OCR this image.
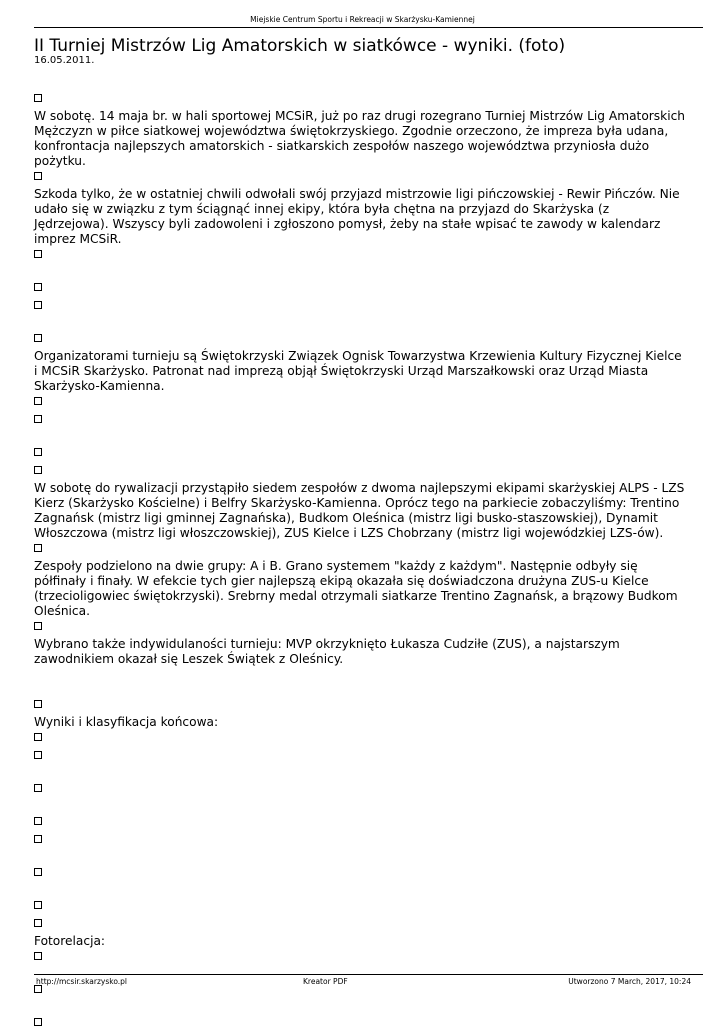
Miejskie Centrum Sportu i Rekreacji w Skarżysku-Kamiennej
II Turniej Mistrzów Lig Amatorskich w siatkówce - wyniki. (foto)
16.05.2011.

W sobotę. 14 maja br. w hali sportowej MCSiR, już po raz drugi rozegrano Turniej Mistrzów Lig Amatorskich Mężczyzn w piłce siatkowej województwa świętokrzyskiego. Zgodnie orzeczono, że impreza była udana, konfrontacja najlepszych amatorskich - siatkarskich zespołów naszego województwa przyniosła dużo pożytku.

Szkoda tylko, że w ostatniej chwili odwołali swój przyjazd mistrzowie ligi pińczowskiej - Rewir Pińczów. Nie udało się w związku z tym ściągnąć innej ekipy, która była chętna na przyjazd do Skarżyska (z Jędrzejowa). Wszyscy byli zadowoleni i zgłoszono pomysł, żeby na stałe wpisać te zawody w kalendarz imprez MCSiR.

Organizatorami turnieju są Świętokrzyski Związek Ognisk Towarzystwa Krzewienia Kultury Fizycznej Kielce i MCSiR Skarżysko. Patronat nad imprezą objął Świętokrzyski Urząd Marszałkowski oraz Urząd Miasta Skarżysko-Kamienna.

W sobotę do rywalizacji przystąpiło siedem zespołów z dwoma najlepszymi ekipami skarżyskiej ALPS - LZS Kierz (Skarżysko Kościelne) i Belfry Skarżysko-Kamienna. Oprócz tego na parkiecie zobaczyliśmy: Trentino Zagnańsk (mistrz ligi gminnej Zagnańska), Budkom Oleśnica (mistrz ligi busko-staszowskiej), Dynamit Włoszczowa (mistrz ligi włoszczowskiej), ZUS Kielce i LZS Chobrzany (mistrz ligi wojewódzkiej LZS-ów).

Zespoły podzielono na dwie grupy: A i B. Grano systemem "każdy z każdym". Następnie odbyły się półfinały i finały. W efekcie tych gier najlepszą ekipą okazała się doświadczona drużyna ZUS-u Kielce (trzecioligowiec świętokrzyski). Srebrny medal otrzymali siatkarze Trentino Zagnańsk, a brązowy Budkom Oleśnica.

Wybrano także indywidulaności turnieju: MVP okrzyknięto Łukasza Cudziłe (ZUS), a najstarszym zawodnikiem okazał się Leszek Świątek z Oleśnicy.

Wyniki i klasyfikacja końcowa:

Fotorelacja:

http://mcsir.skarzysko.pl	Kreator PDF	Utworzono 7 March, 2017, 10:24
